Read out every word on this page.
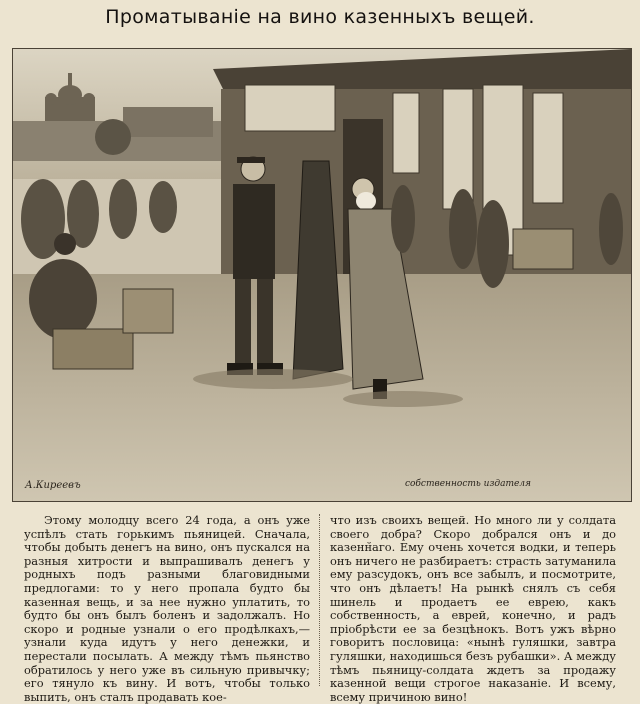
Проматываніе на вино казенныхъ вещей.
А.Киреевъ	собственность издателя

Этому молодцу всего 24 года, а онъ уже успѣлъ стать горькимъ пьяницей. Сначала, чтобы добыть денегъ на вино, онъ пускался на разныя хитрости и выпрашивалъ денегъ у родныхъ подъ разными благовидными предлогами: то у него пропала будто бы казенная вещь, и за нее нужно уплатить, то будто бы онъ былъ боленъ и задолжалъ. Но скоро и родные узнали о его продѣлкахъ,—узнали куда идутъ у него денежки, и перестали посылать. А между тѣмъ пьянство обратилось у него уже въ сильную привычку; его тянуло къ вину. И вотъ, чтобы только выпить, онъ сталъ продавать кое-

что изъ своихъ вещей. Но много ли у солдата своего добра? Скоро добрался онъ и до казенн̆аго. Ему очень хочется водки, и теперь онъ ничего не разбираетъ: страсть затуманила ему разсудокъ, онъ все забылъ, и посмотрите, что онъ дѣлаетъ! На рынкѣ снялъ съ себя шинель и продаетъ ее еврею, какъ собственность, а еврей, конечно, и радъ пріобрѣсти ее за безцѣнокъ. Вотъ ужъ вѣрно говоритъ пословица: «нынѣ гуляшки, завтра гуляшки, находишься безъ рубашки». А между тѣмъ пьяницу-солдата ждетъ за продажу казенной вещи строгое наказаніе. И всему, всему причиною вино!
